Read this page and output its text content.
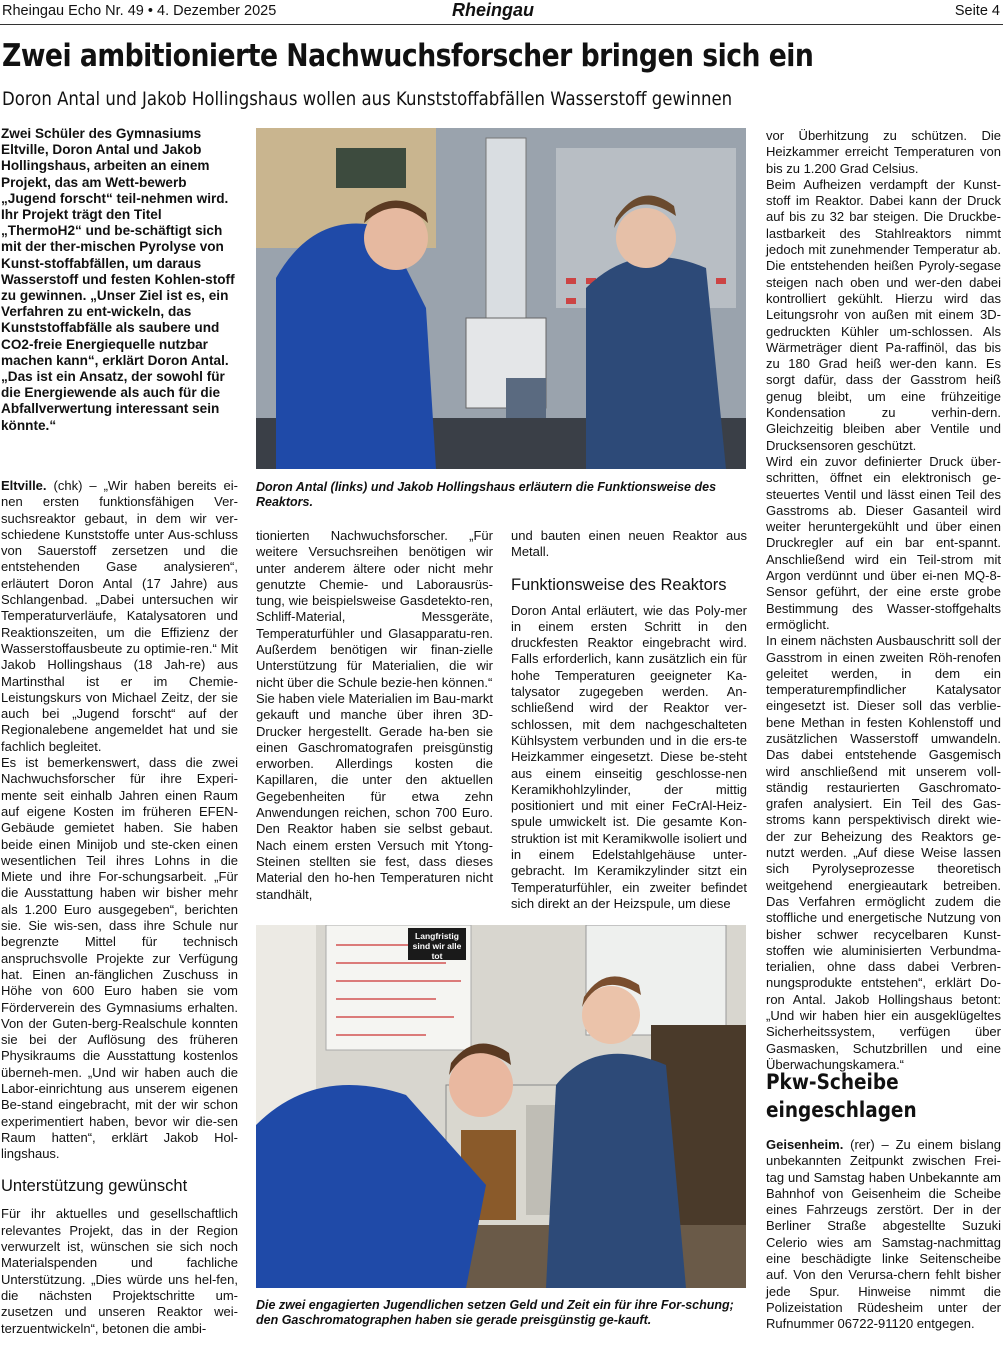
Rheingau Echo Nr. 49 • 4. Dezember 2025	Rheingau	Seite 4
Zwei ambitionierte Nachwuchsforscher bringen sich ein
Doron Antal und Jakob Hollingshaus wollen aus Kunststoffabfällen Wasserstoff gewinnen
Zwei Schüler des Gymnasiums Eltville, Doron Antal und Jakob Hollingshaus, arbeiten an einem Projekt, das am Wett-bewerb „Jugend forscht“ teil-nehmen wird. Ihr Projekt trägt den Titel „ThermoH2“ und be-schäftigt sich mit der ther-mischen Pyrolyse von Kunst-stoffabfällen, um daraus Wasserstoff und festen Kohlen-stoff zu gewinnen. „Unser Ziel ist es, ein Verfahren zu ent-wickeln, das Kunststoffabfälle als saubere und CO2-freie Energiequelle nutzbar machen kann“, erklärt Doron Antal. „Das ist ein Ansatz, der sowohl für die Energiewende als auch für die Abfallverwertung interessant sein könnte.“

Eltville. (chk) – „Wir haben bereits ei-nen ersten funktionsfähigen Ver-suchsreaktor gebaut, in dem wir ver-schiedene Kunststoffe unter Aus-schluss von Sauerstoff zersetzen und die entstehenden Gase analysieren“, erläutert Doron Antal (17 Jahre) aus Schlangenbad. „Dabei untersuchen wir Temperaturverläufe, Katalysatoren und Reaktionszeiten, um die Effizienz der Wasserstoffausbeute zu optimie-ren.“ Mit Jakob Hollingshaus (18 Jah-re) aus Martinsthal ist er im Chemie-Leistungskurs von Michael Zeitz, der sie auch bei „Jugend forscht“ auf der Regionalebene angemeldet hat und sie fachlich begleitet.

Es ist bemerkenswert, dass die zwei Nachwuchsforscher für ihre Experi-mente seit einhalb Jahren einen Raum auf eigene Kosten im früheren EFEN-Gebäude gemietet haben. Sie haben beide einen Minijob und ste-cken einen wesentlichen Teil ihres Lohns in die Miete und ihre For-schungsarbeit. „Für die Ausstattung haben wir bisher mehr als 1.200 Euro ausgegeben“, berichten sie. Sie wis-sen, dass ihre Schule nur begrenzte Mittel für technisch anspruchsvolle Projekte zur Verfügung hat. Einen an-fänglichen Zuschuss in Höhe von 600 Euro haben sie vom Förderverein des Gymnasiums erhalten. Von der Guten-berg-Realschule konnten sie bei der Auflösung des früheren Physikraums die Ausstattung kostenlos überneh-men. „Und wir haben auch die Labor-einrichtung aus unserem eigenen Be-stand eingebracht, mit der wir schon experimentiert haben, bevor wir die-sen Raum hatten“, erklärt Jakob Hol-lingshaus.

Unterstützung gewünscht

Für ihr aktuelles und gesellschaftlich relevantes Projekt, das in der Region verwurzelt ist, wünschen sie sich noch Materialspenden und fachliche Unterstützung. „Dies würde uns hel-fen, die nächsten Projektschritte um-zusetzen und unseren Reaktor wei-terzuentwickeln“, betonen die ambi-

Doron Antal (links) und Jakob Hollingshaus erläutern die Funktionsweise des Reaktors.

tionierten Nachwuchsforscher. „Für weitere Versuchsreihen benötigen wir unter anderem ältere oder nicht mehr genutzte Chemie- und Laborausrüs-tung, wie beispielsweise Gasdetekto-ren, Schliff-Material, Messgeräte, Temperaturfühler und Glasapparatu-ren. Außerdem benötigen wir finan-zielle Unterstützung für Materialien, die wir nicht über die Schule bezie-hen können.“

Sie haben viele Materialien im Bau-markt gekauft und manche über ihren 3D-Drucker hergestellt. Gerade ha-ben sie einen Gaschromatografen preisgünstig erworben. Allerdings kosten die Kapillaren, die unter den aktuellen Gegebenheiten für etwa zehn Anwendungen reichen, schon 700 Euro. Den Reaktor haben sie selbst gebaut. Nach einem ersten Versuch mit Ytong-Steinen stellten sie fest, dass dieses Material den ho-hen Temperaturen nicht standhält,

und bauten einen neuen Reaktor aus Metall.

Funktionsweise des Reaktors

Doron Antal erläutert, wie das Poly-mer in einem ersten Schritt in den druckfesten Reaktor eingebracht wird. Falls erforderlich, kann zusätzlich ein für hohe Temperaturen geeigneter Ka-talysator zugegeben werden. An-schließend wird der Reaktor ver-schlossen, mit dem nachgeschalteten Kühlsystem verbunden und in die ers-te Heizkammer eingesetzt. Diese be-steht aus einem einseitig geschlosse-nen Keramikhohlzylinder, der mittig positioniert und mit einer FeCrAl-Heiz-spule umwickelt ist. Die gesamte Kon-struktion ist mit Keramikwolle isoliert und in einem Edelstahlgehäuse unter-gebracht. Im Keramikzylinder sitzt ein Temperaturfühler, ein zweiter befindet sich direkt an der Heizspule, um diese

Langfristig sind wir alle tot
Die zwei engagierten Jugendlichen setzen Geld und Zeit ein für ihre For-schung; den Gaschromatographen haben sie gerade preisgünstig ge-kauft.

vor Überhitzung zu schützen. Die Heizkammer erreicht Temperaturen von bis zu 1.200 Grad Celsius.

Beim Aufheizen verdampft der Kunst-stoff im Reaktor. Dabei kann der Druck auf bis zu 32 bar steigen. Die Druckbe-lastbarkeit des Stahlreaktors nimmt jedoch mit zunehmender Temperatur ab. Die entstehenden heißen Pyroly-segase steigen nach oben und wer-den dabei kontrolliert gekühlt. Hierzu wird das Leitungsrohr von außen mit einem 3D-gedruckten Kühler um-schlossen. Als Wärmeträger dient Pa-raffinöl, das bis zu 180 Grad heiß wer-den kann. Es sorgt dafür, dass der Gasstrom heiß genug bleibt, um eine frühzeitige Kondensation zu verhin-dern. Gleichzeitig bleiben aber Ventile und Drucksensoren geschützt.

Wird ein zuvor definierter Druck über-schritten, öffnet ein elektronisch ge-steuertes Ventil und lässt einen Teil des Gasstroms ab. Dieser Gasanteil wird weiter heruntergekühlt und über einen Druckregler auf ein bar ent-spannt. Anschließend wird ein Teil-strom mit Argon verdünnt und über ei-nen MQ-8-Sensor geführt, der eine erste grobe Bestimmung des Wasser-stoffgehalts ermöglicht.

In einem nächsten Ausbauschritt soll der Gasstrom in einen zweiten Röh-renofen geleitet werden, in dem ein temperaturempfindlicher Katalysator eingesetzt ist. Dieser soll das verblie-bene Methan in festen Kohlenstoff und zusätzlichen Wasserstoff umwandeln. Das dabei entstehende Gasgemisch wird anschließend mit unserem voll-ständig restaurierten Gaschromato-grafen analysiert. Ein Teil des Gas-stroms kann perspektivisch direkt wie-der zur Beheizung des Reaktors ge-nutzt werden. „Auf diese Weise lassen sich Pyrolyseprozesse theoretisch weitgehend energieautark betreiben. Das Verfahren ermöglicht zudem die stoffliche und energetische Nutzung von bisher schwer recycelbaren Kunst-stoffen wie aluminisierten Verbundma-terialien, ohne dass dabei Verbren-nungsprodukte entstehen“, erklärt Do-ron Antal. Jakob Hollingshaus betont: „Und wir haben hier ein ausgeklügeltes Sicherheitssystem, verfügen über Gasmasken, Schutzbrillen und eine Überwachungskamera.“

Pkw-Scheibe eingeschlagen

Geisenheim. (rer) – Zu einem bislang unbekannten Zeitpunkt zwischen Frei-tag und Samstag haben Unbekannte am Bahnhof von Geisenheim die Scheibe eines Fahrzeugs zerstört. Der in der Berliner Straße abgestellte Suzuki Celerio wies am Samstag-nachmittag eine beschädigte linke Seitenscheibe auf. Von den Verursa-chern fehlt bisher jede Spur. Hinweise nimmt die Polizeistation Rüdesheim unter der Rufnummer 06722-91120 entgegen.
